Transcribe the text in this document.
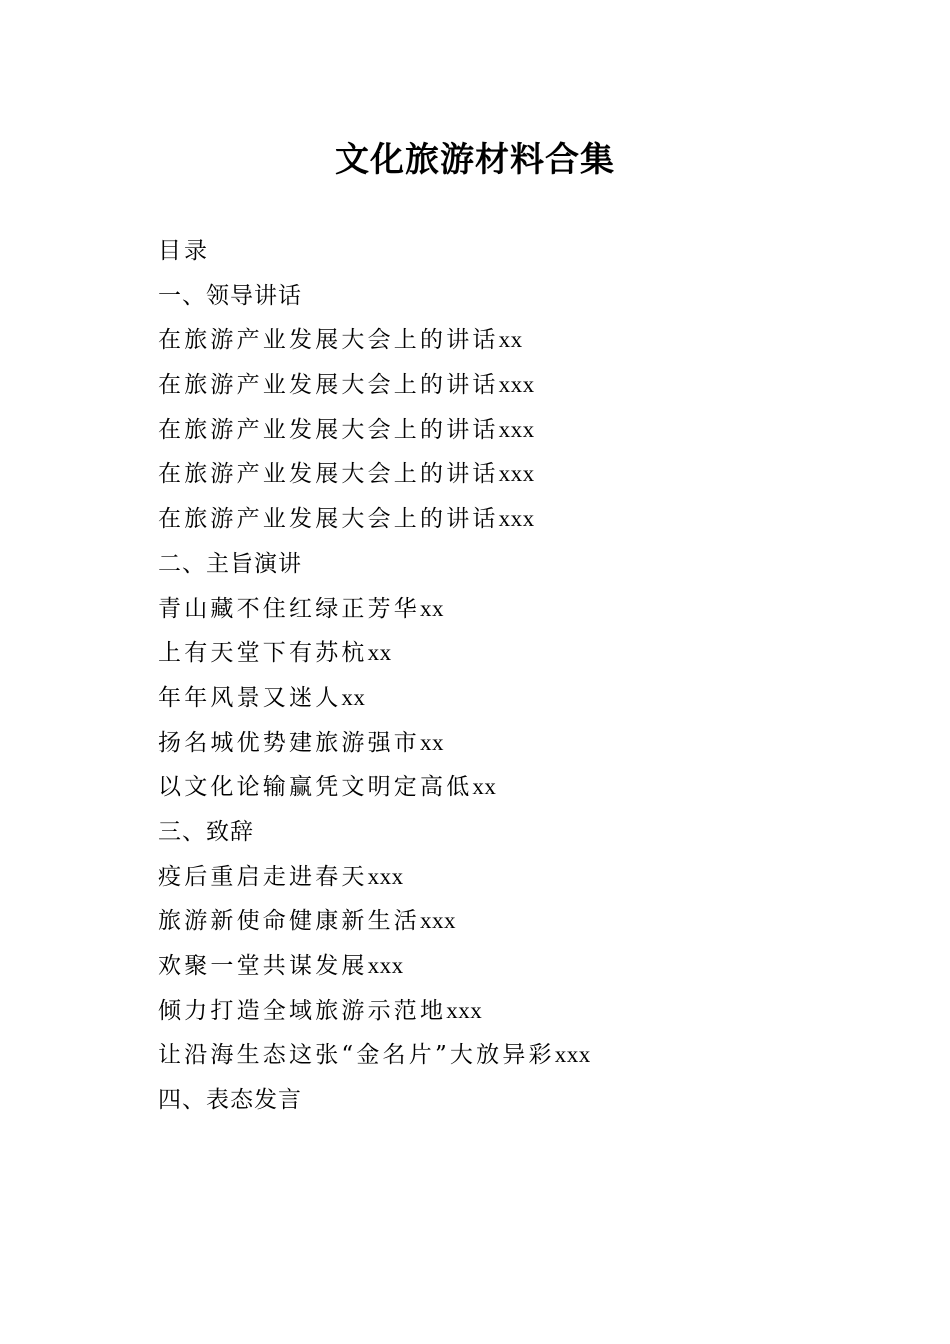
文化旅游材料合集
目录
一、领导讲话
在旅游产业发展大会上的讲话xx
在旅游产业发展大会上的讲话xxx
在旅游产业发展大会上的讲话xxx
在旅游产业发展大会上的讲话xxx
在旅游产业发展大会上的讲话xxx
二、主旨演讲
青山藏不住红绿正芳华xx
上有天堂下有苏杭xx
年年风景又迷人xx
扬名城优势建旅游强市xx
以文化论输赢凭文明定高低xx
三、致辞
疫后重启走进春天xxx
旅游新使命健康新生活xxx
欢聚一堂共谋发展xxx
倾力打造全域旅游示范地xxx
让沿海生态这张“金名片”大放异彩xxx
四、表态发言
